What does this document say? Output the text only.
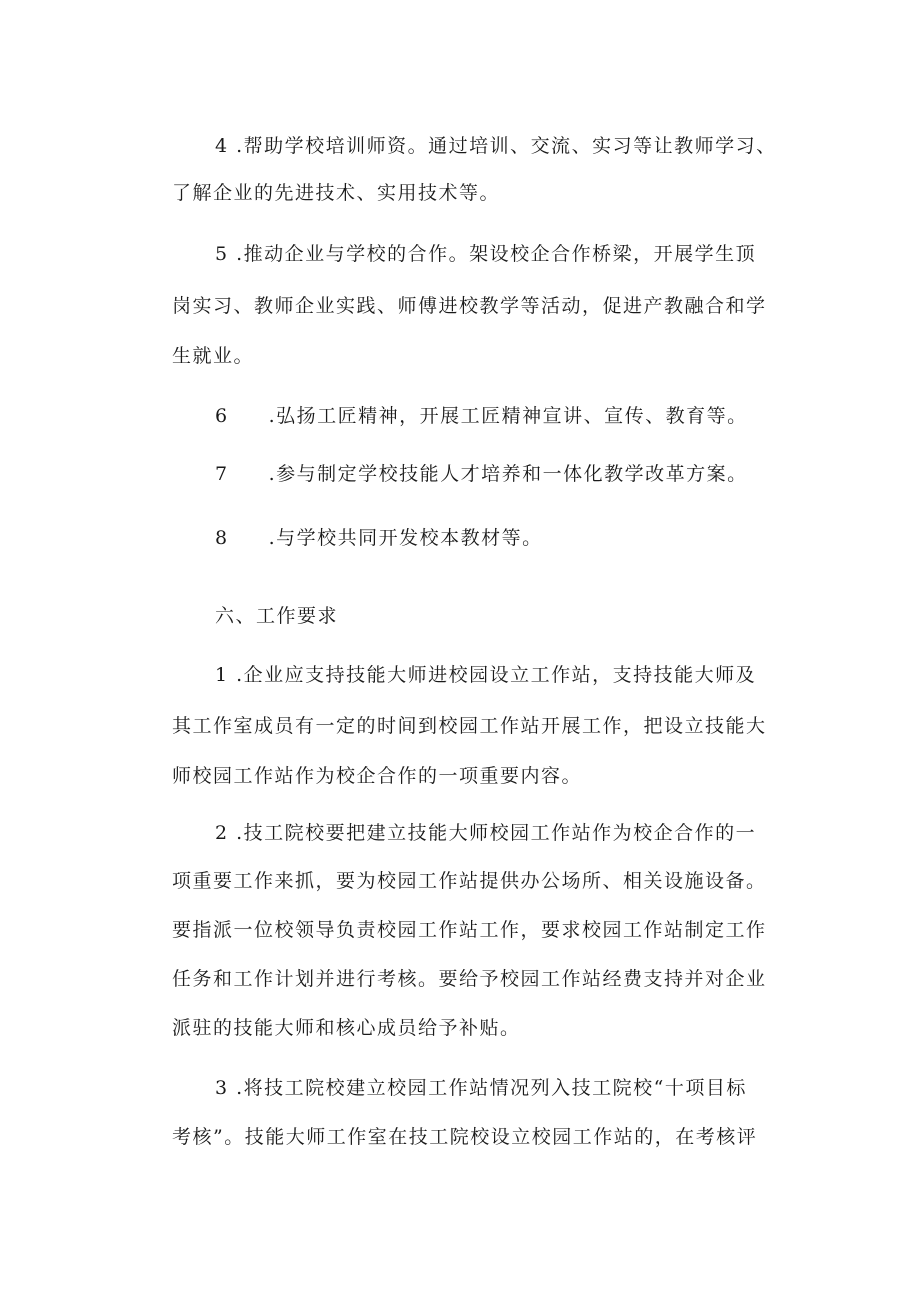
4 .帮助学校培训师资。通过培训、交流、实习等让教师学习、
了解企业的先进技术、实用技术等。
5 .推动企业与学校的合作。架设校企合作桥梁，开展学生顶
岗实习、教师企业实践、师傅进校教学等活动，促进产教融合和学
生就业。
6 .弘扬工匠精神，开展工匠精神宣讲、宣传、教育等。
7 .参与制定学校技能人才培养和一体化教学改革方案。
8 .与学校共同开发校本教材等。
六、工作要求
1 .企业应支持技能大师进校园设立工作站，支持技能大师及
其工作室成员有一定的时间到校园工作站开展工作，把设立技能大
师校园工作站作为校企合作的一项重要内容。
2 .技工院校要把建立技能大师校园工作站作为校企合作的一
项重要工作来抓，要为校园工作站提供办公场所、相关设施设备。
要指派一位校领导负责校园工作站工作，要求校园工作站制定工作
任务和工作计划并进行考核。要给予校园工作站经费支持并对企业
派驻的技能大师和核心成员给予补贴。
3 .将技工院校建立校园工作站情况列入技工院校“十项目标
考核”。技能大师工作室在技工院校设立校园工作站的，在考核评
